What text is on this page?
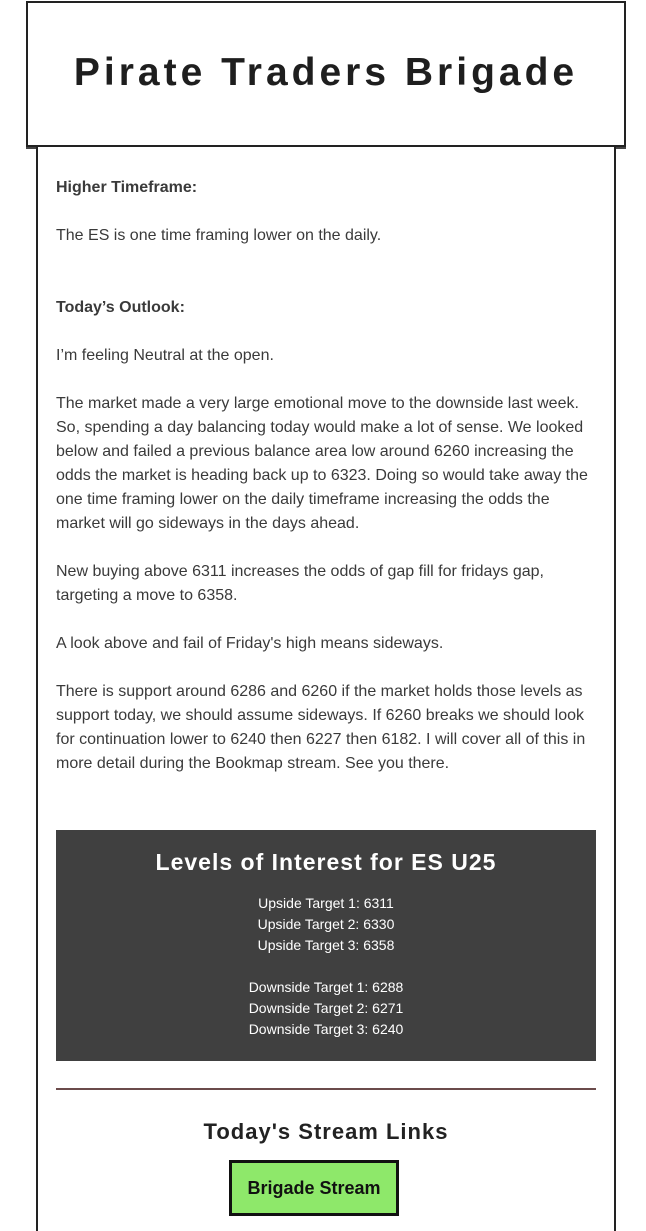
Pirate Traders Brigade

Higher Timeframe:

The ES is one time framing lower on the daily.

Today’s Outlook:

I’m feeling Neutral at the open.

The market made a very large emotional move to the downside last week. So, spending a day balancing today would make a lot of sense. We looked below and failed a previous balance area low around 6260 increasing the odds the market is heading back up to 6323. Doing so would take away the one time framing lower on the daily timeframe increasing the odds the market will go sideways in the days ahead.

New buying above 6311 increases the odds of gap fill for fridays gap, targeting a move to 6358.

A look above and fail of Friday's high means sideways.

There is support around 6286 and 6260 if the market holds those levels as support today, we should assume sideways. If 6260 breaks we should look for continuation lower to 6240 then 6227 then 6182. I will cover all of this in more detail during the Bookmap stream. See you there.

Levels of Interest for ES U25
Upside Target 1: 6311
Upside Target 2: 6330
Upside Target 3: 6358
Downside Target 1: 6288
Downside Target 2: 6271
Downside Target 3: 6240
Today's Stream Links
Brigade Stream
